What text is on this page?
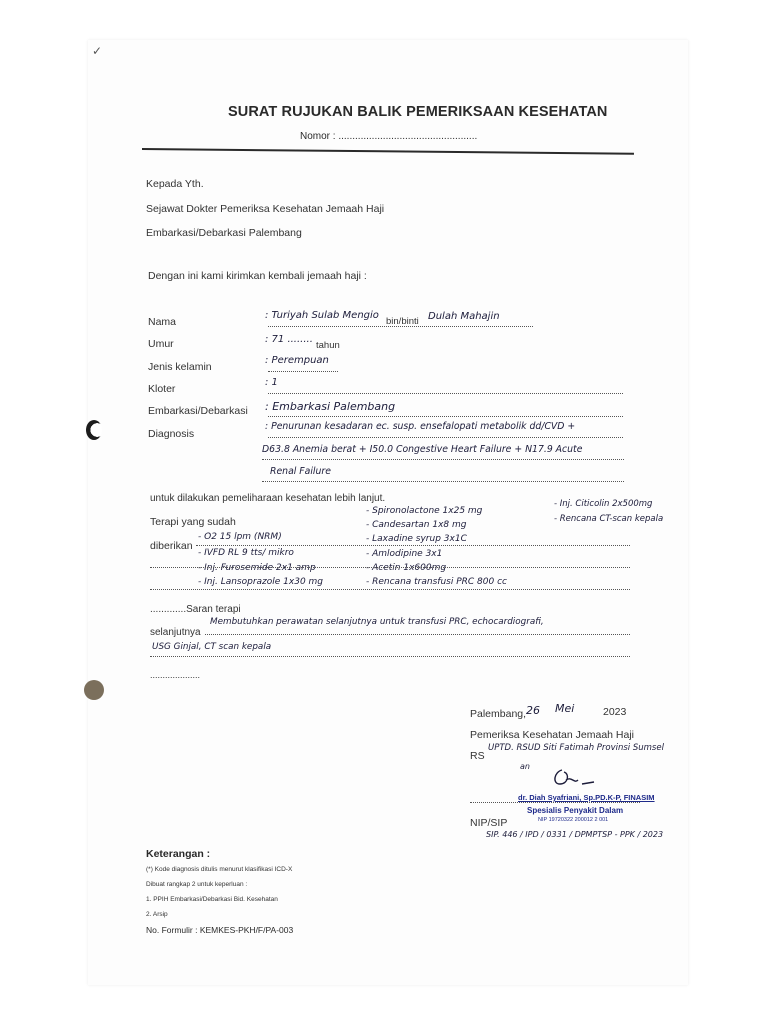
✓
SURAT RUJUKAN BALIK PEMERIKSAAN KESEHATAN
Nomor : ..................................................
Kepada Yth.
Sejawat Dokter Pemeriksa Kesehatan Jemaah Haji
Embarkasi/Debarkasi Palembang
Dengan ini kami kirimkan kembali jemaah haji :
Nama
Umur
Jenis kelamin
Kloter
Embarkasi/Debarkasi
Diagnosis
: Turiyah Sulab Mengio
bin/binti Dulah Mahajin
: 71 ........
tahun
: Perempuan
: 1
: Embarkasi Palembang
: Penurunan kesadaran ec. susp. ensefalopati metabolik dd/CVD +
D63.8 Anemia berat + I50.0 Congestive Heart Failure + N17.9 Acute
Renal Failure
untuk dilakukan pemeliharaan kesehatan lebih lanjut.
Terapi yang sudah
diberikan
- O2 15 lpm (NRM)
- IVFD RL 9 tts/ mikro
- Inj. Furosemide 2x1 amp
- Inj. Lansoprazole 1x30 mg
- Spironolactone 1x25 mg
- Candesartan 1x8 mg
- Laxadine syrup 3x1C
- Amlodipine 3x1
- Acetin 1x600mg
- Rencana transfusi PRC 800 cc
- Inj. Citicolin 2x500mg
- Rencana CT-scan kepala
.............Saran terapi
selanjutnya
Membutuhkan perawatan selanjutnya untuk transfusi PRC, echocardiografi,
USG Ginjal, CT scan kepala
....................
Palembang, 26 Mei	2023
Pemeriksa Kesehatan Jemaah Haji
RS
UPTD. RSUD Siti Fatimah Provinsi Sumsel
an
dr. Diah Syafriani, Sp.PD.K-P, FINASIM
Spesialis Penyakit Dalam
NIP 19720322 200012 2 001
NIP/SIP
SIP. 446 / IPD / 0331 / DPMPTSP - PPK / 2023
Keterangan :
(*) Kode diagnosis ditulis menurut klasifikasi ICD-X
Dibuat rangkap 2 untuk keperluan :
1. PPIH Embarkasi/Debarkasi Bid. Kesehatan
2. Arsip
No. Formulir : KEMKES-PKH/F/PA-003
